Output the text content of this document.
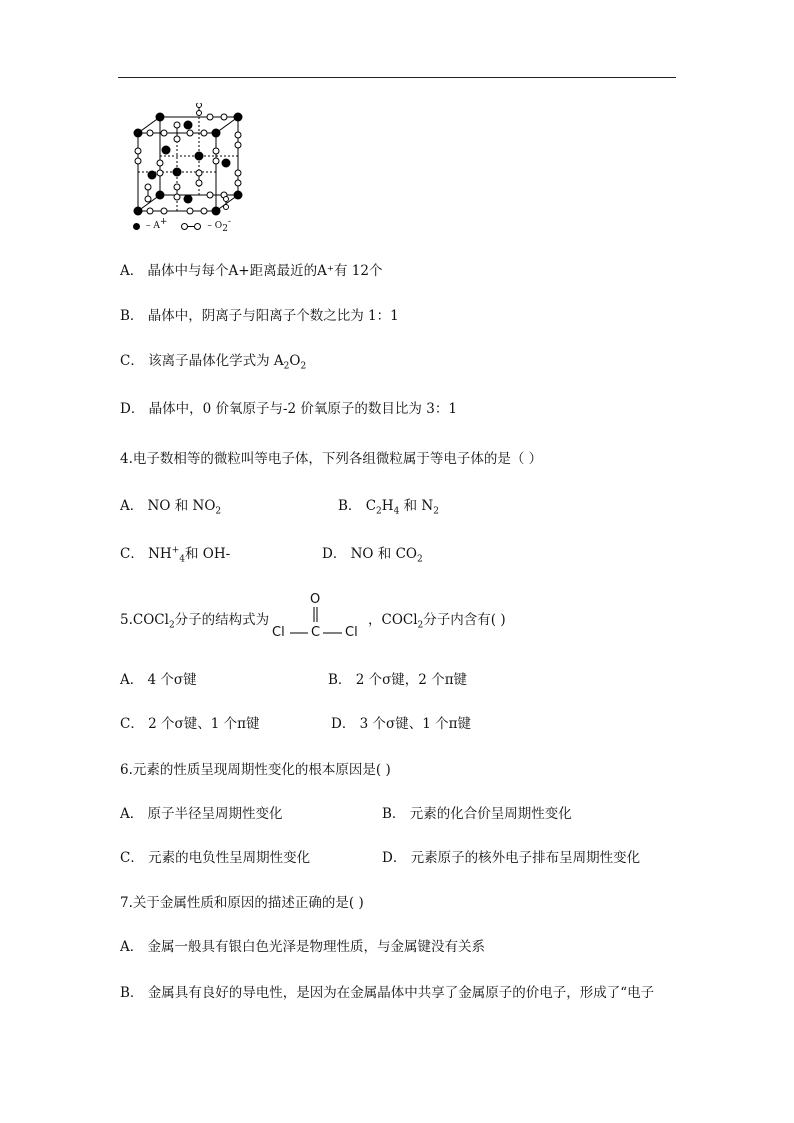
– A+	– $O_2^-$
A． 晶体中与每个A+距离最近的A⁺有 12个
B． 晶体中，阴离子与阳离子个数之比为 1：1
C． 该离子晶体化学式为 $A_2O_2$
D． 晶体中，0 价氧原子与-2 价氧原子的数目比为 3：1
4.电子数相等的微粒叫等电子体，下列各组微粒属于等电子体的是（ ）
A． NO 和 $NO_2$	B． $C_2H_4$ 和 $N_2$
C． $NH^+_4$和 OH-	D． NO 和 $CO_2$
5.COCl$_2$分子的结构式为
O
C
Cl	Cl
，COCl$_2$分子内含有( )
A． 4 个σ键	B． 2 个σ键，2 个π键
C． 2 个σ键、1 个π键	D． 3 个σ键、1 个π键
6.元素的性质呈现周期性变化的根本原因是( )
A． 原子半径呈周期性变化	B． 元素的化合价呈周期性变化
C． 元素的电负性呈周期性变化	D． 元素原子的核外电子排布呈周期性变化
7.关于金属性质和原因的描述正确的是( )
A． 金属一般具有银白色光泽是物理性质，与金属键没有关系
B． 金属具有良好的导电性，是因为在金属晶体中共享了金属原子的价电子，形成了“电子
